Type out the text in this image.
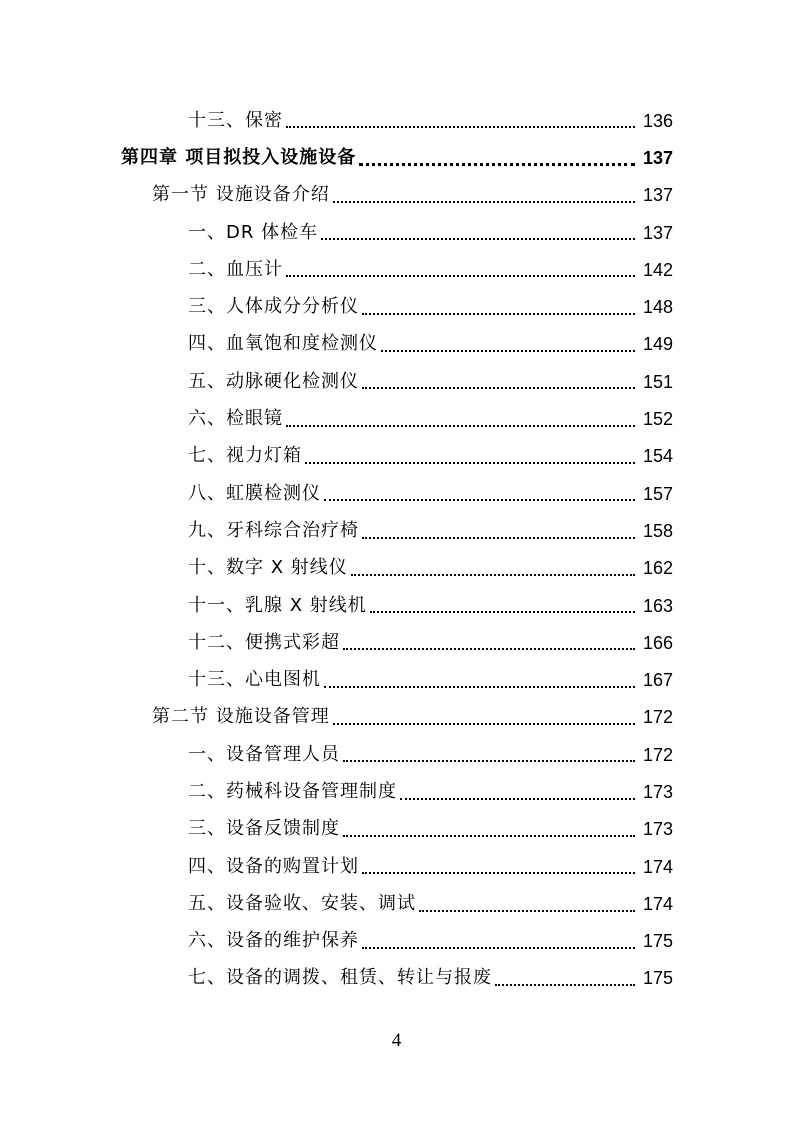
十三、保密	136
第四章 项目拟投入设施设备	137
第一节 设施设备介绍	137
一、DR 体检车	137
二、血压计	142
三、人体成分分析仪	148
四、血氧饱和度检测仪	149
五、动脉硬化检测仪	151
六、检眼镜	152
七、视力灯箱	154
八、虹膜检测仪	157
九、牙科综合治疗椅	158
十、数字 X 射线仪	162
十一、乳腺 X 射线机	163
十二、便携式彩超	166
十三、心电图机	167
第二节 设施设备管理	172
一、设备管理人员	172
二、药械科设备管理制度	173
三、设备反馈制度	173
四、设备的购置计划	174
五、设备验收、安装、调试	174
六、设备的维护保养	175
七、设备的调拨、租赁、转让与报废	175
4
